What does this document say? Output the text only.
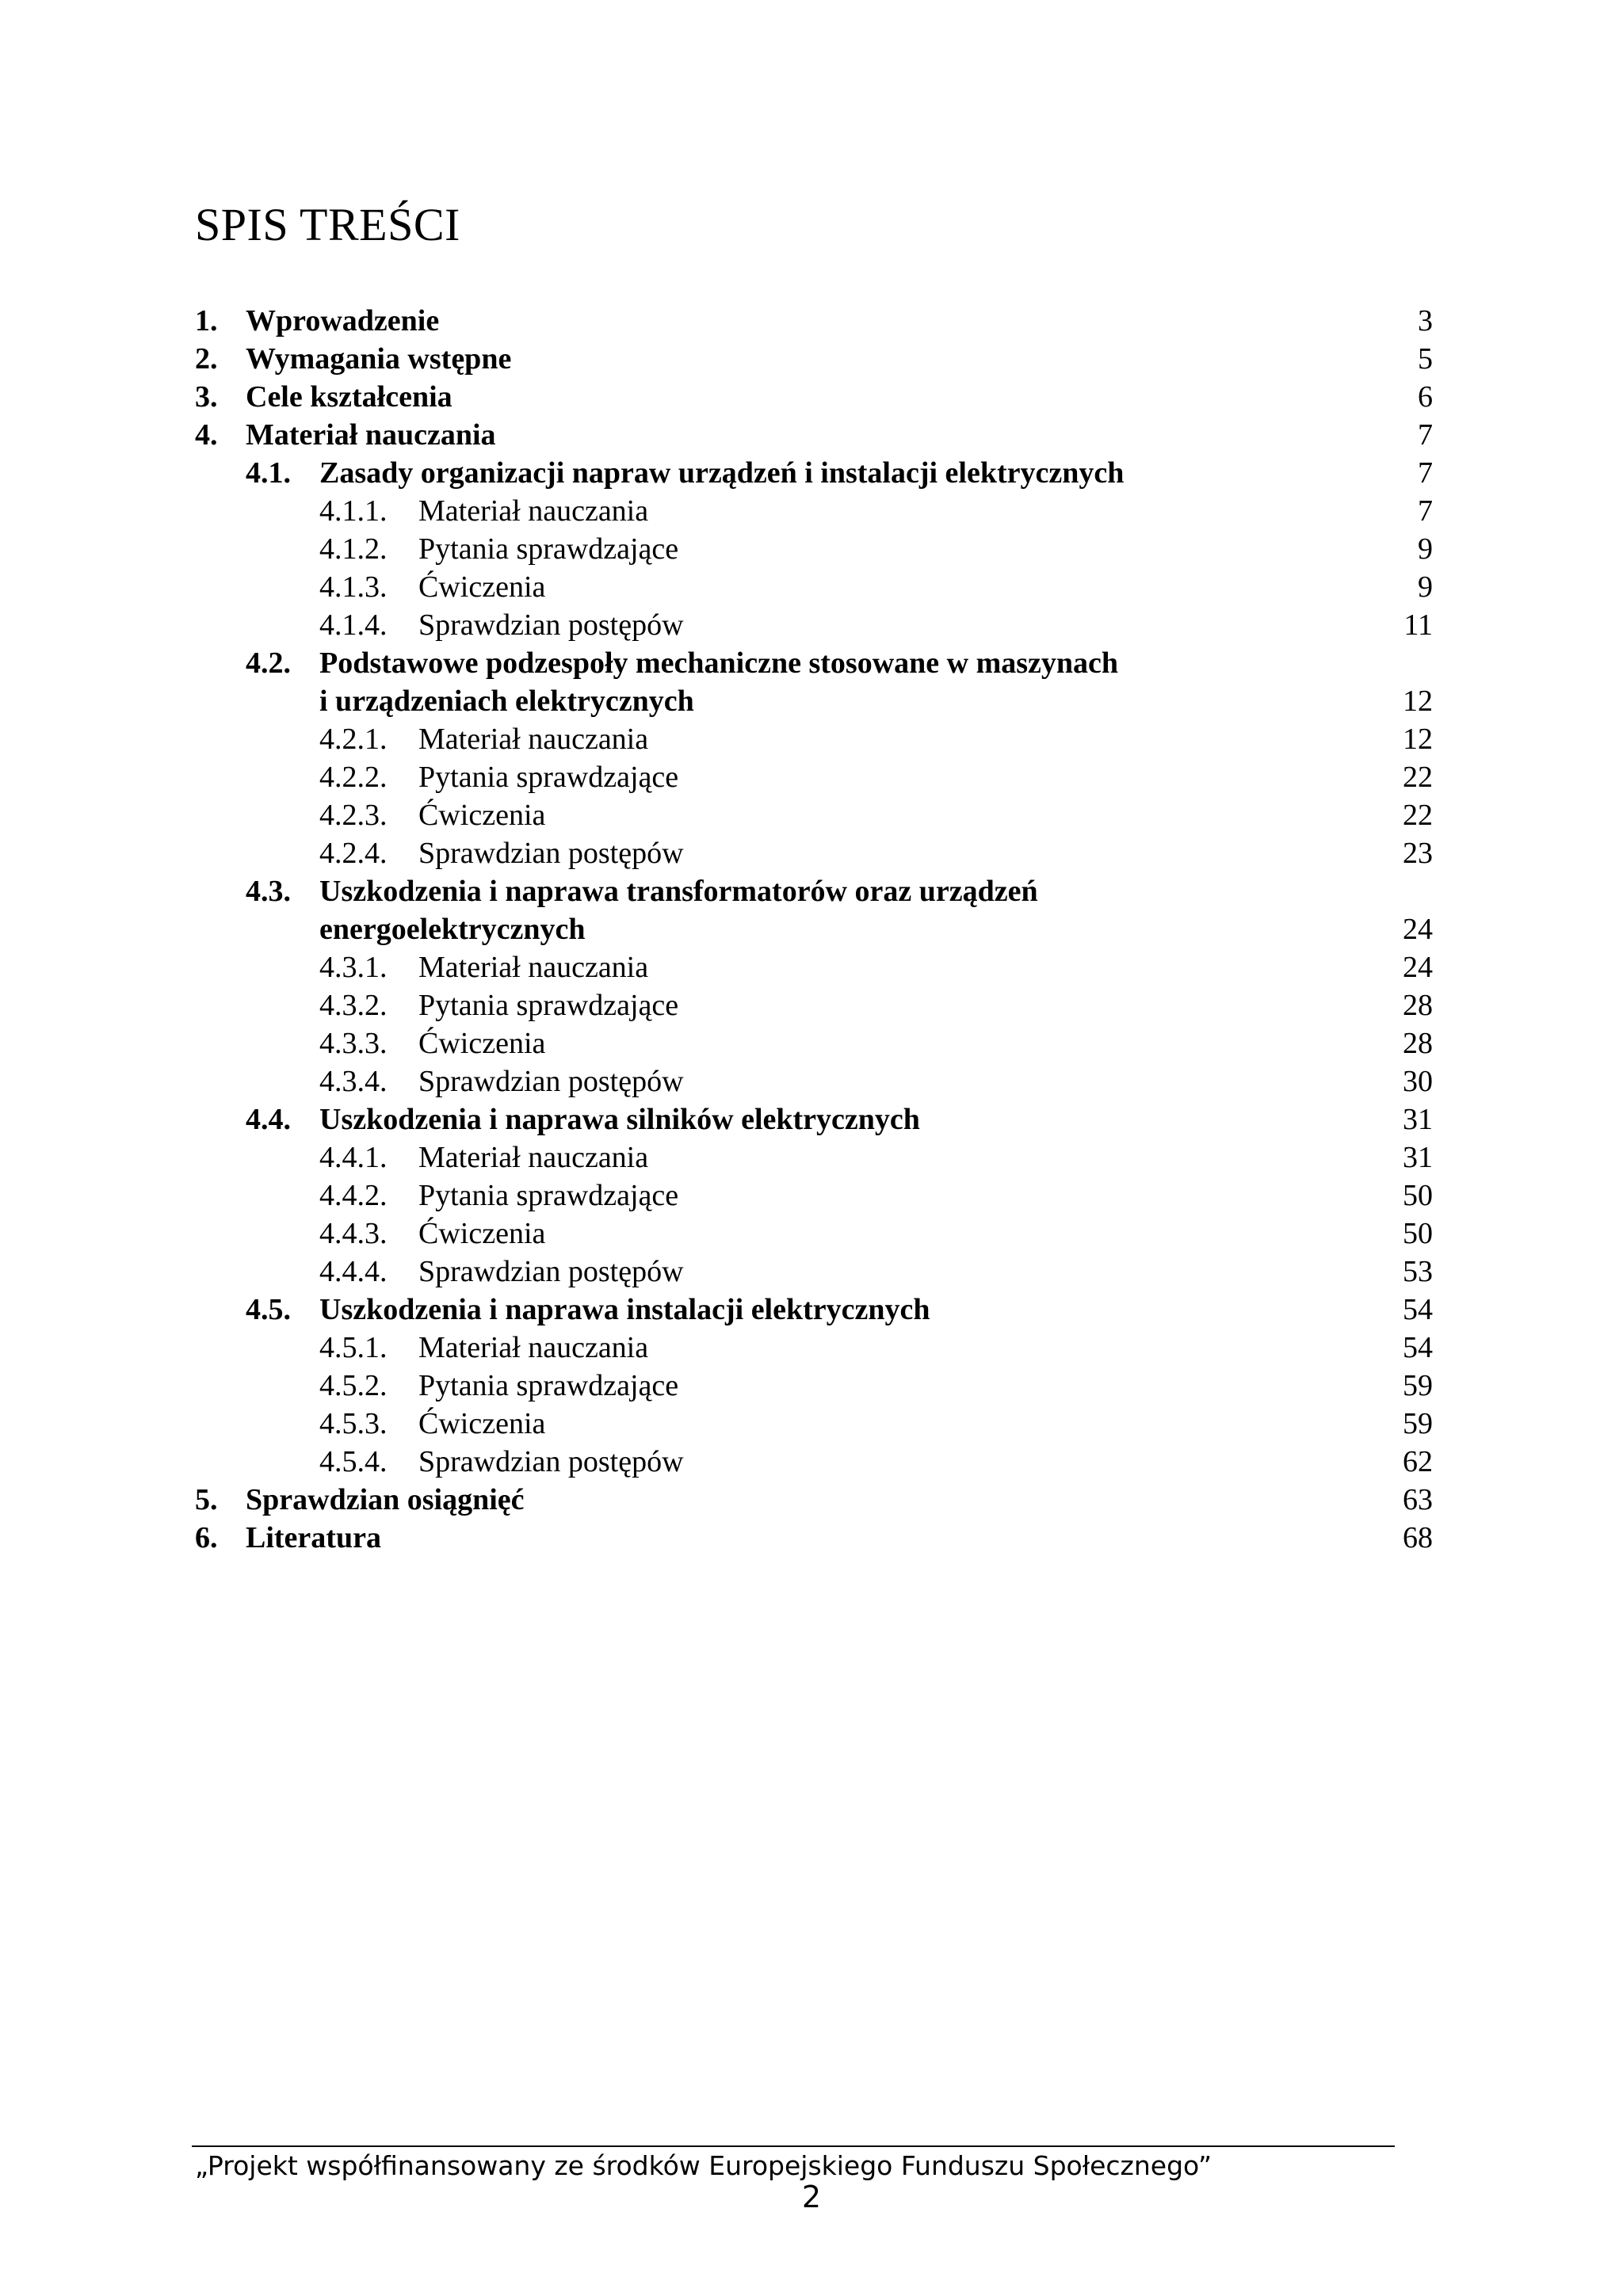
SPIS TREŚCI
1. Wprowadzenie	3
2. Wymagania wstępne	5
3. Cele kształcenia	6
4. Materiał nauczania	7
4.1. Zasady organizacji napraw urządzeń i instalacji elektrycznych	7
4.1.1. Materiał nauczania	7
4.1.2. Pytania sprawdzające	9
4.1.3. Ćwiczenia	9
4.1.4. Sprawdzian postępów	11
4.2. Podstawowe podzespoły mechaniczne stosowane w maszynach
i urządzeniach elektrycznych	12
4.2.1. Materiał nauczania	12
4.2.2. Pytania sprawdzające	22
4.2.3. Ćwiczenia	22
4.2.4. Sprawdzian postępów	23
4.3. Uszkodzenia i naprawa transformatorów oraz urządzeń
energoelektrycznych	24
4.3.1. Materiał nauczania	24
4.3.2. Pytania sprawdzające	28
4.3.3. Ćwiczenia	28
4.3.4. Sprawdzian postępów	30
4.4. Uszkodzenia i naprawa silników elektrycznych	31
4.4.1. Materiał nauczania	31
4.4.2. Pytania sprawdzające	50
4.4.3. Ćwiczenia	50
4.4.4. Sprawdzian postępów	53
4.5. Uszkodzenia i naprawa instalacji elektrycznych	54
4.5.1. Materiał nauczania	54
4.5.2. Pytania sprawdzające	59
4.5.3. Ćwiczenia	59
4.5.4. Sprawdzian postępów	62
5. Sprawdzian osiągnięć	63
6. Literatura	68

„Projekt współfinansowany ze środków Europejskiego Funduszu Społecznego”

2
